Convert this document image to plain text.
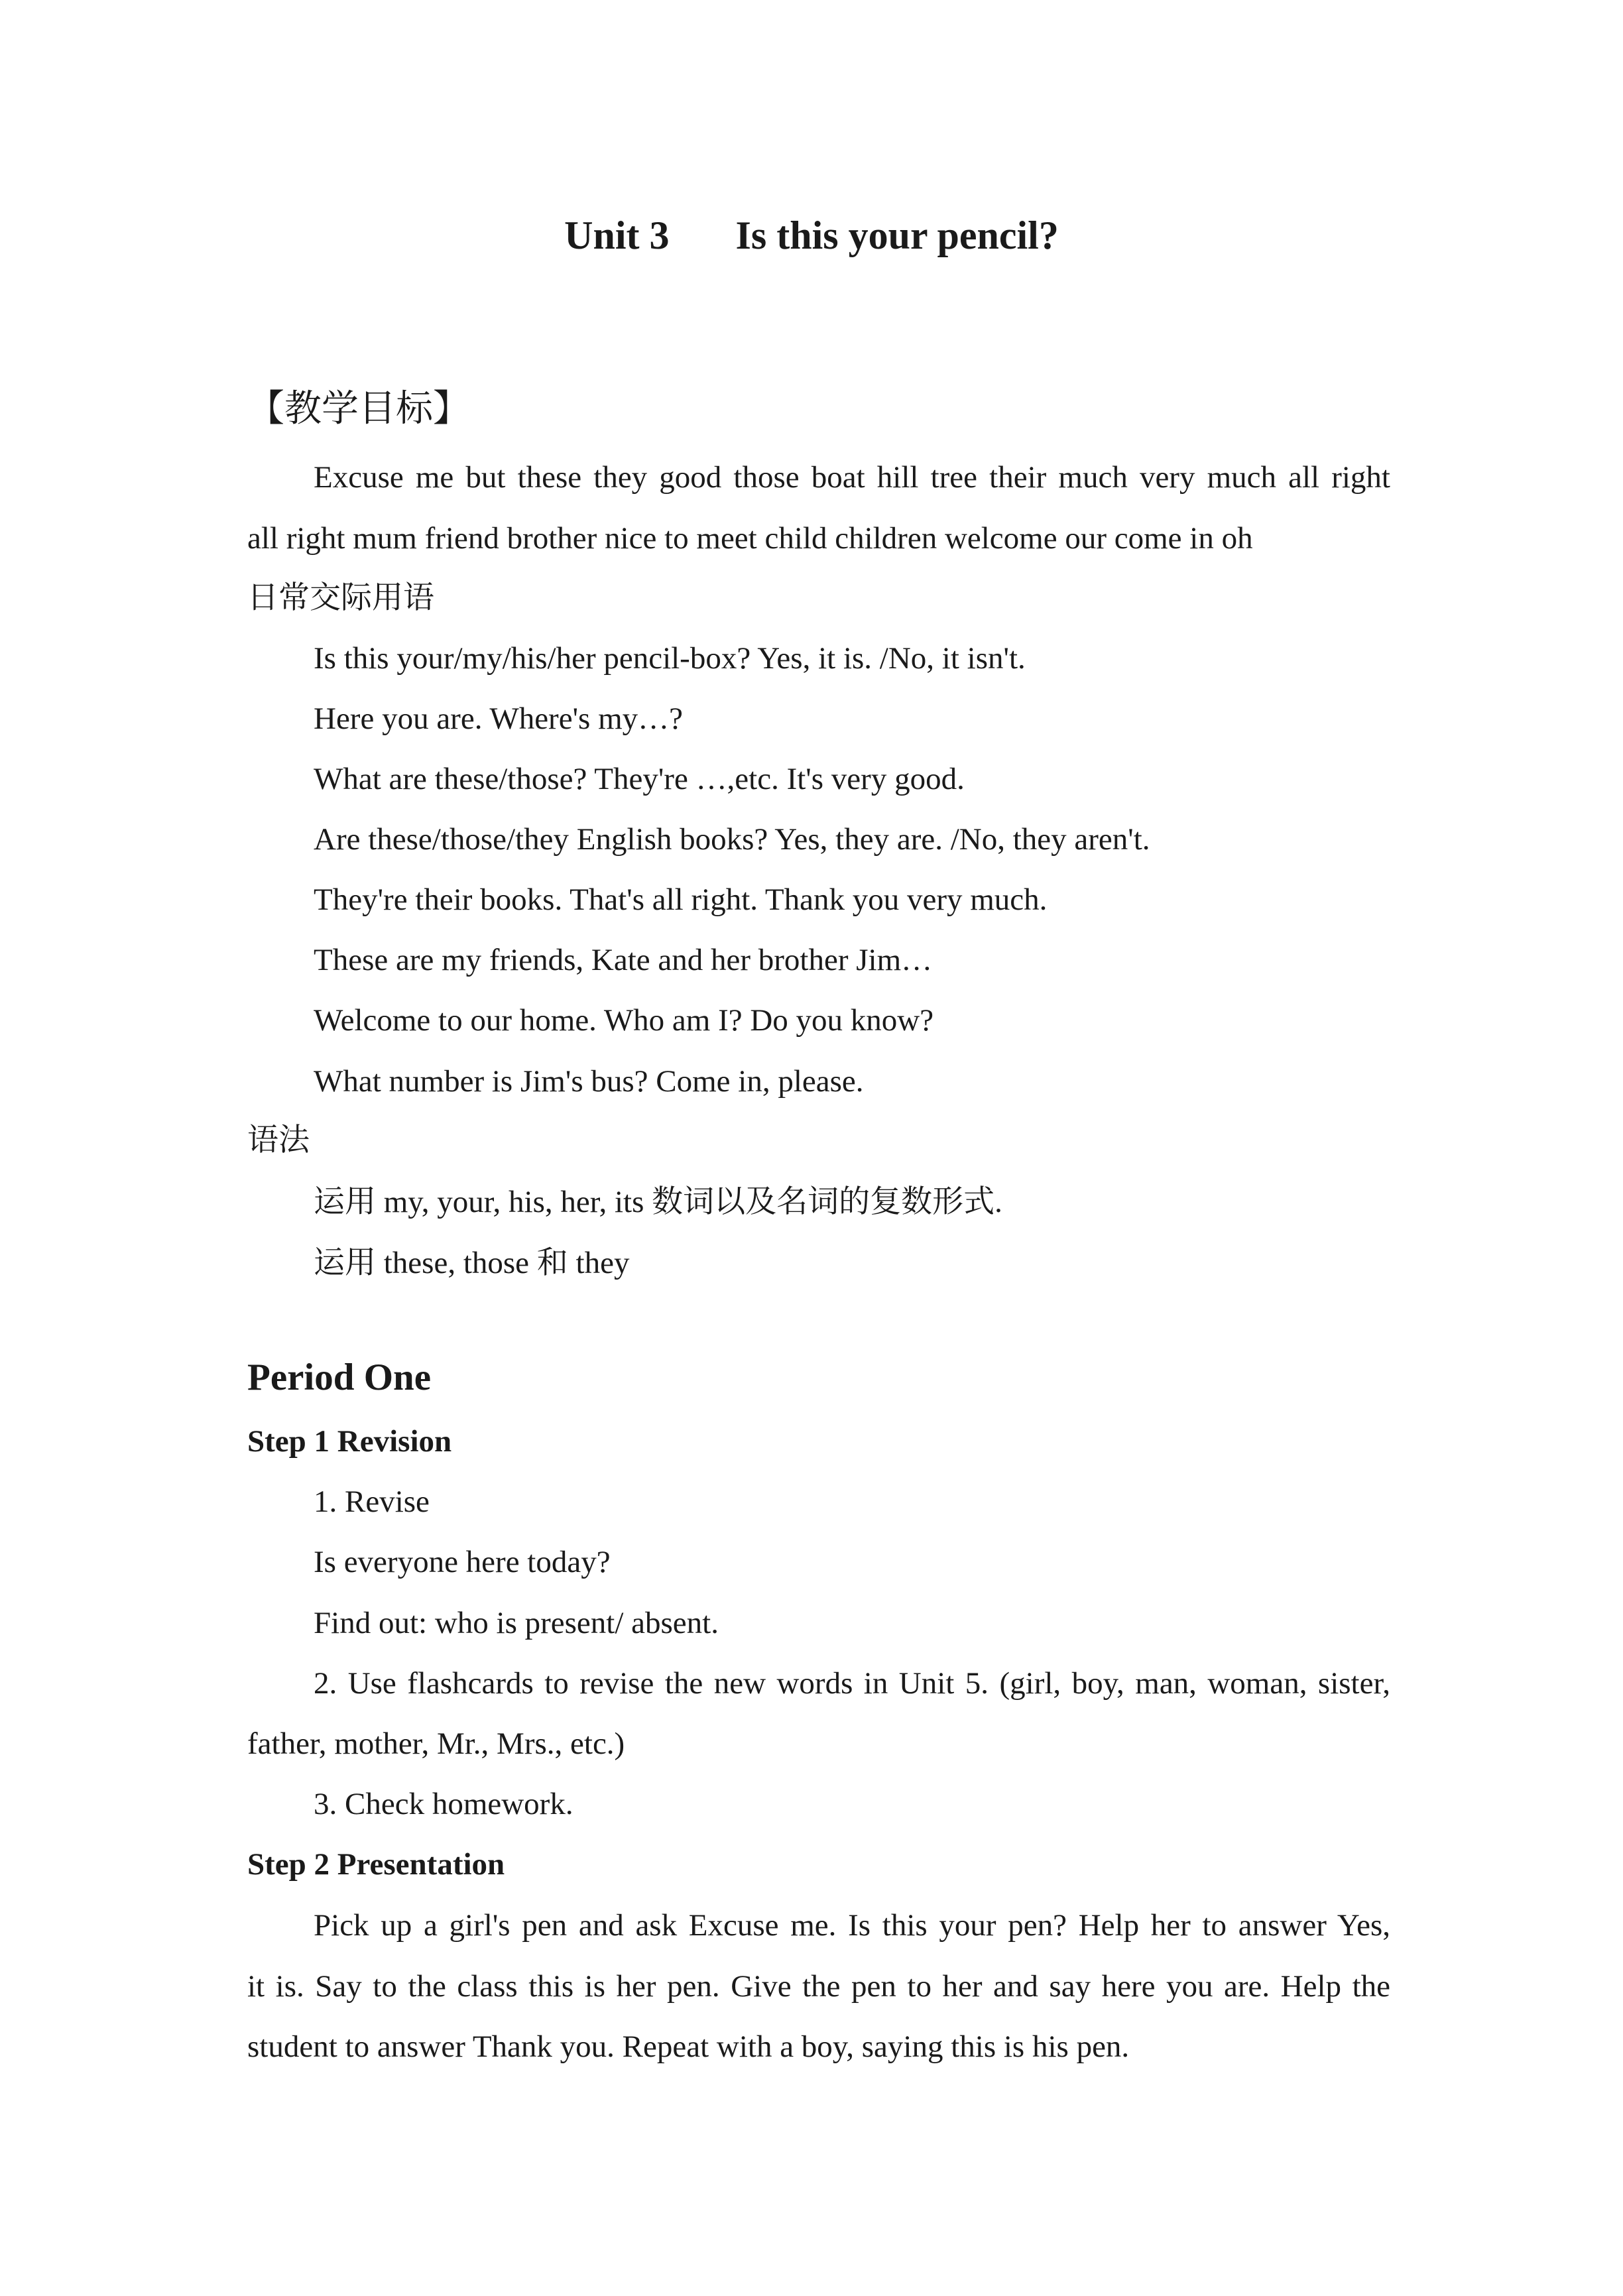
Unit 3 Is this your pencil?
【教学目标】
Excuse me but these they good those boat hill tree their much very much all right
all right mum friend brother nice to meet child children welcome our come in oh
日常交际用语
Is this your/my/his/her pencil-box? Yes, it is. /No, it isn't.
Here you are. Where's my…?
What are these/those? They're …,etc. It's very good.
Are these/those/they English books? Yes, they are. /No, they aren't.
They're their books. That's all right. Thank you very much.
These are my friends, Kate and her brother Jim…
Welcome to our home. Who am I? Do you know?
What number is Jim's bus? Come in, please.
语法
运用 my, your, his, her, its 数词以及名词的复数形式.
运用 these, those 和 they
Period One
Step 1 Revision
1. Revise
Is everyone here today?
Find out: who is present/ absent.
2. Use flashcards to revise the new words in Unit 5. (girl, boy, man, woman, sister,
father, mother, Mr., Mrs., etc.)
3. Check homework.
Step 2 Presentation
Pick up a girl's pen and ask Excuse me. Is this your pen? Help her to answer Yes,
it is. Say to the class this is her pen. Give the pen to her and say here you are. Help the
student to answer Thank you. Repeat with a boy, saying this is his pen.
